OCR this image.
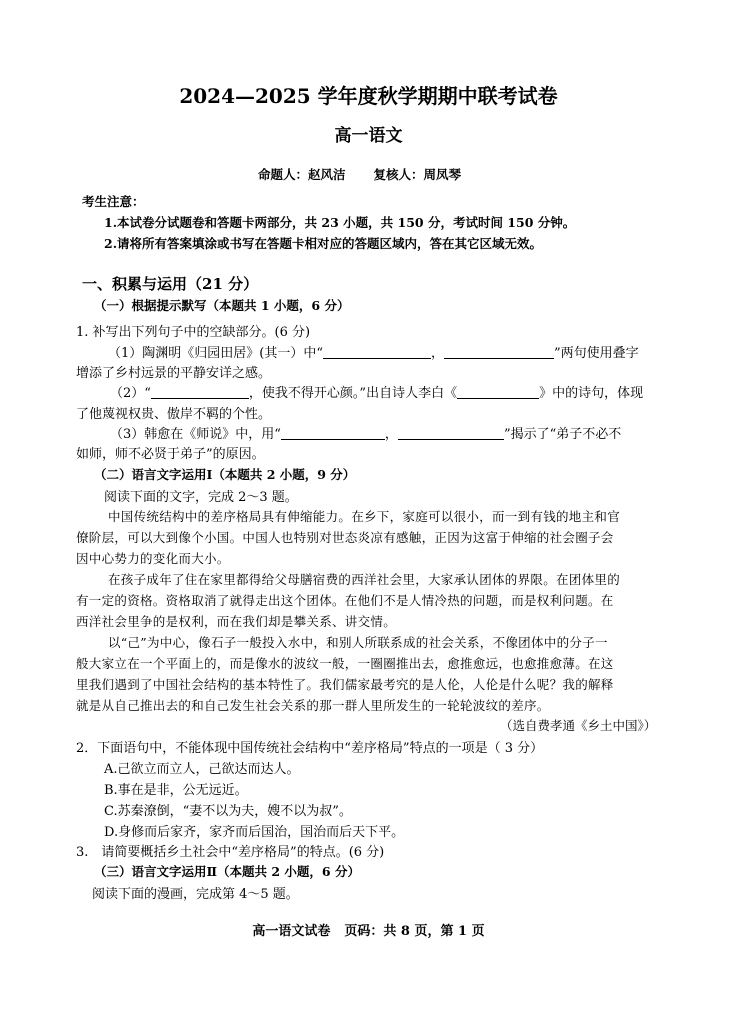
2024—2025 学年度秋学期期中联考试卷
高一语文
命题人：赵风洁 复核人：周凤琴
考生注意：
1.本试卷分试题卷和答题卡两部分，共 23 小题，共 150 分，考试时间 150 分钟。
2.请将所有答案填涂或书写在答题卡相对应的答题区域内，答在其它区域无效。
一、积累与运用（21 分）
（一）根据提示默写（本题共 1 小题，6 分）
1. 补写出下列句子中的空缺部分。(6 分)
（1）陶渊明《归园田居》(其一）中“	，	”两句使用叠字
增添了乡村远景的平静安详之感。
（2）“	，使我不得开心颜。”出自诗人李白《	》中的诗句，体现
了他蔑视权贵、傲岸不羁的个性。
（3）韩愈在《师说》中，用“	，	”揭示了“弟子不必不
如师，师不必贤于弟子”的原因。
（二）语言文字运用Ⅰ（本题共 2 小题，9 分）
阅读下面的文字，完成 2～3 题。
中国传统结构中的差序格局具有伸缩能力。在乡下，家庭可以很小，而一到有钱的地主和官
僚阶层，可以大到像个小国。中国人也特别对世态炎凉有感触，正因为这富于伸缩的社会圈子会
因中心势力的变化而大小。
在孩子成年了住在家里都得给父母膳宿费的西洋社会里，大家承认团体的界限。在团体里的
有一定的资格。资格取消了就得走出这个团体。在他们不是人情冷热的问题，而是权利问题。在
西洋社会里争的是权利，而在我们却是攀关系、讲交情。
以“己”为中心，像石子一般投入水中，和别人所联系成的社会关系，不像团体中的分子一
般大家立在一个平面上的，而是像水的波纹一般，一圈圈推出去，愈推愈远，也愈推愈薄。在这
里我们遇到了中国社会结构的基本特性了。我们儒家最考究的是人伦，人伦是什么呢？我的解释
就是从自己推出去的和自己发生社会关系的那一群人里所发生的一轮轮波纹的差序。
（选自费孝通《乡土中国》）
2．下面语句中，不能体现中国传统社会结构中“差序格局”特点的一项是（ 3 分）
A.己欲立而立人，己欲达而达人。
B.事在是非，公无远近。
C.苏秦潦倒，“妻不以为夫，嫂不以为叔”。
D.身修而后家齐，家齐而后国治，国治而后天下平。
3.　请简要概括乡土社会中“差序格局”的特点。(6 分)
（三）语言文字运用Ⅱ（本题共 2 小题，6 分）
阅读下面的漫画，完成第 4～5 题。
高一语文试卷 页码：共 8 页，第 1 页
